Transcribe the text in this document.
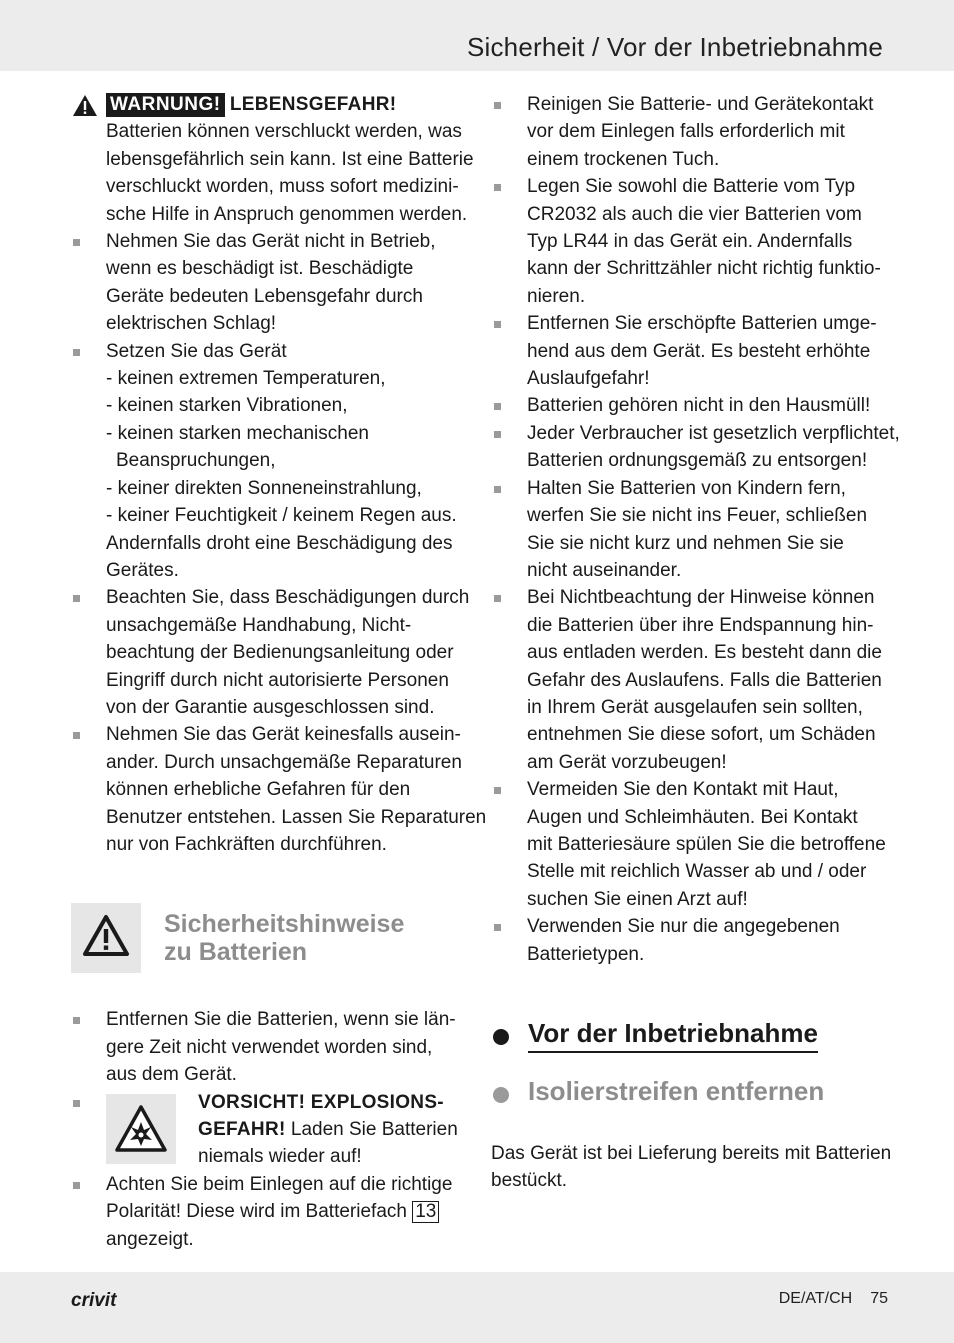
Sicherheit / Vor der Inbetriebnahme
WARNUNG! LEBENSGEFAHR!
Batterien können verschluckt werden, was
lebensgefährlich sein kann. Ist eine Batterie
verschluckt worden, muss sofort medizini-
sche Hilfe in Anspruch genommen werden.
Nehmen Sie das Gerät nicht in Betrieb,
wenn es beschädigt ist. Beschädigte
Geräte bedeuten Lebensgefahr durch
elektrischen Schlag!
Setzen Sie das Gerät
- keinen extremen Temperaturen,
- keinen starken Vibrationen,
- keinen starken mechanischen
Beanspruchungen,
- keiner direkten Sonneneinstrahlung,
- keiner Feuchtigkeit / keinem Regen aus.
Andernfalls droht eine Beschädigung des
Gerätes.
Beachten Sie, dass Beschädigungen durch
unsachgemäße Handhabung, Nicht-
beachtung der Bedienungsanleitung oder
Eingriff durch nicht autorisierte Personen
von der Garantie ausgeschlossen sind.
Nehmen Sie das Gerät keinesfalls ausein-
ander. Durch unsachgemäße Reparaturen
können erhebliche Gefahren für den
Benutzer entstehen. Lassen Sie Reparaturen
nur von Fachkräften durchführen.
Sicherheitshinweise
zu Batterien
Entfernen Sie die Batterien, wenn sie län-
gere Zeit nicht verwendet worden sind,
aus dem Gerät.
VORSICHT! EXPLOSIONS-
GEFAHR! Laden Sie Batterien
niemals wieder auf!
Achten Sie beim Einlegen auf die richtige
Polarität! Diese wird im Batteriefach 13
angezeigt.
Reinigen Sie Batterie- und Gerätekontakt
vor dem Einlegen falls erforderlich mit
einem trockenen Tuch.
Legen Sie sowohl die Batterie vom Typ
CR2032 als auch die vier Batterien vom
Typ LR44 in das Gerät ein. Andernfalls
kann der Schrittzähler nicht richtig funktio-
nieren.
Entfernen Sie erschöpfte Batterien umge-
hend aus dem Gerät. Es besteht erhöhte
Auslaufgefahr!
Batterien gehören nicht in den Hausmüll!
Jeder Verbraucher ist gesetzlich verpflichtet,
Batterien ordnungsgemäß zu entsorgen!
Halten Sie Batterien von Kindern fern,
werfen Sie sie nicht ins Feuer, schließen
Sie sie nicht kurz und nehmen Sie sie
nicht auseinander.
Bei Nichtbeachtung der Hinweise können
die Batterien über ihre Endspannung hin-
aus entladen werden. Es besteht dann die
Gefahr des Auslaufens. Falls die Batterien
in Ihrem Gerät ausgelaufen sein sollten,
entnehmen Sie diese sofort, um Schäden
am Gerät vorzubeugen!
Vermeiden Sie den Kontakt mit Haut,
Augen und Schleimhäuten. Bei Kontakt
mit Batteriesäure spülen Sie die betroffene
Stelle mit reichlich Wasser ab und / oder
suchen Sie einen Arzt auf!
Verwenden Sie nur die angegebenen
Batterietypen.
Vor der Inbetriebnahme
Isolierstreifen entfernen
Das Gerät ist bei Lieferung bereits mit Batterien
bestückt.
crivit	DE/AT/CH 75
